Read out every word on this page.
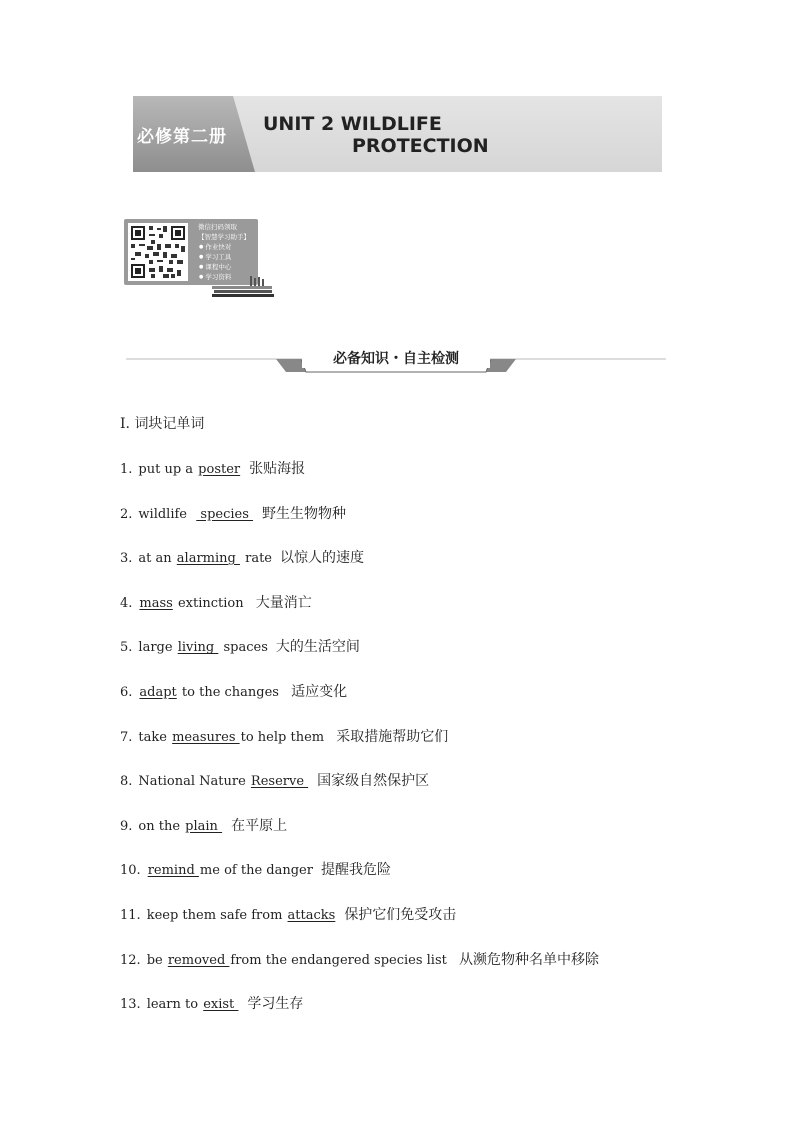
必修第二册
UNIT 2 WILDLIFE
PROTECTION
微信扫码领取
【智慧学习助手】
● 作业快对
● 学习工具
● 课程中心
● 学习资料
必备知识・自主检测
Ⅰ. 词块记单词
1. put up a poster 张贴海报
2. wildlife   species 野生生物物种
3. at an alarming  rate 以惊人的速度
4. mass extinction 大量消亡
5. large living  spaces 大的生活空间
6. adapt to the changes 适应变化
7. take measures to help them 采取措施帮助它们
8. National Nature Reserve 国家级自然保护区
9. on the plain 在平原上
10. remind me of the danger 提醒我危险
11. keep them safe from attacks 保护它们免受攻击
12. be removed from the endangered species list 从濒危物种名单中移除
13. learn to exist 学习生存
